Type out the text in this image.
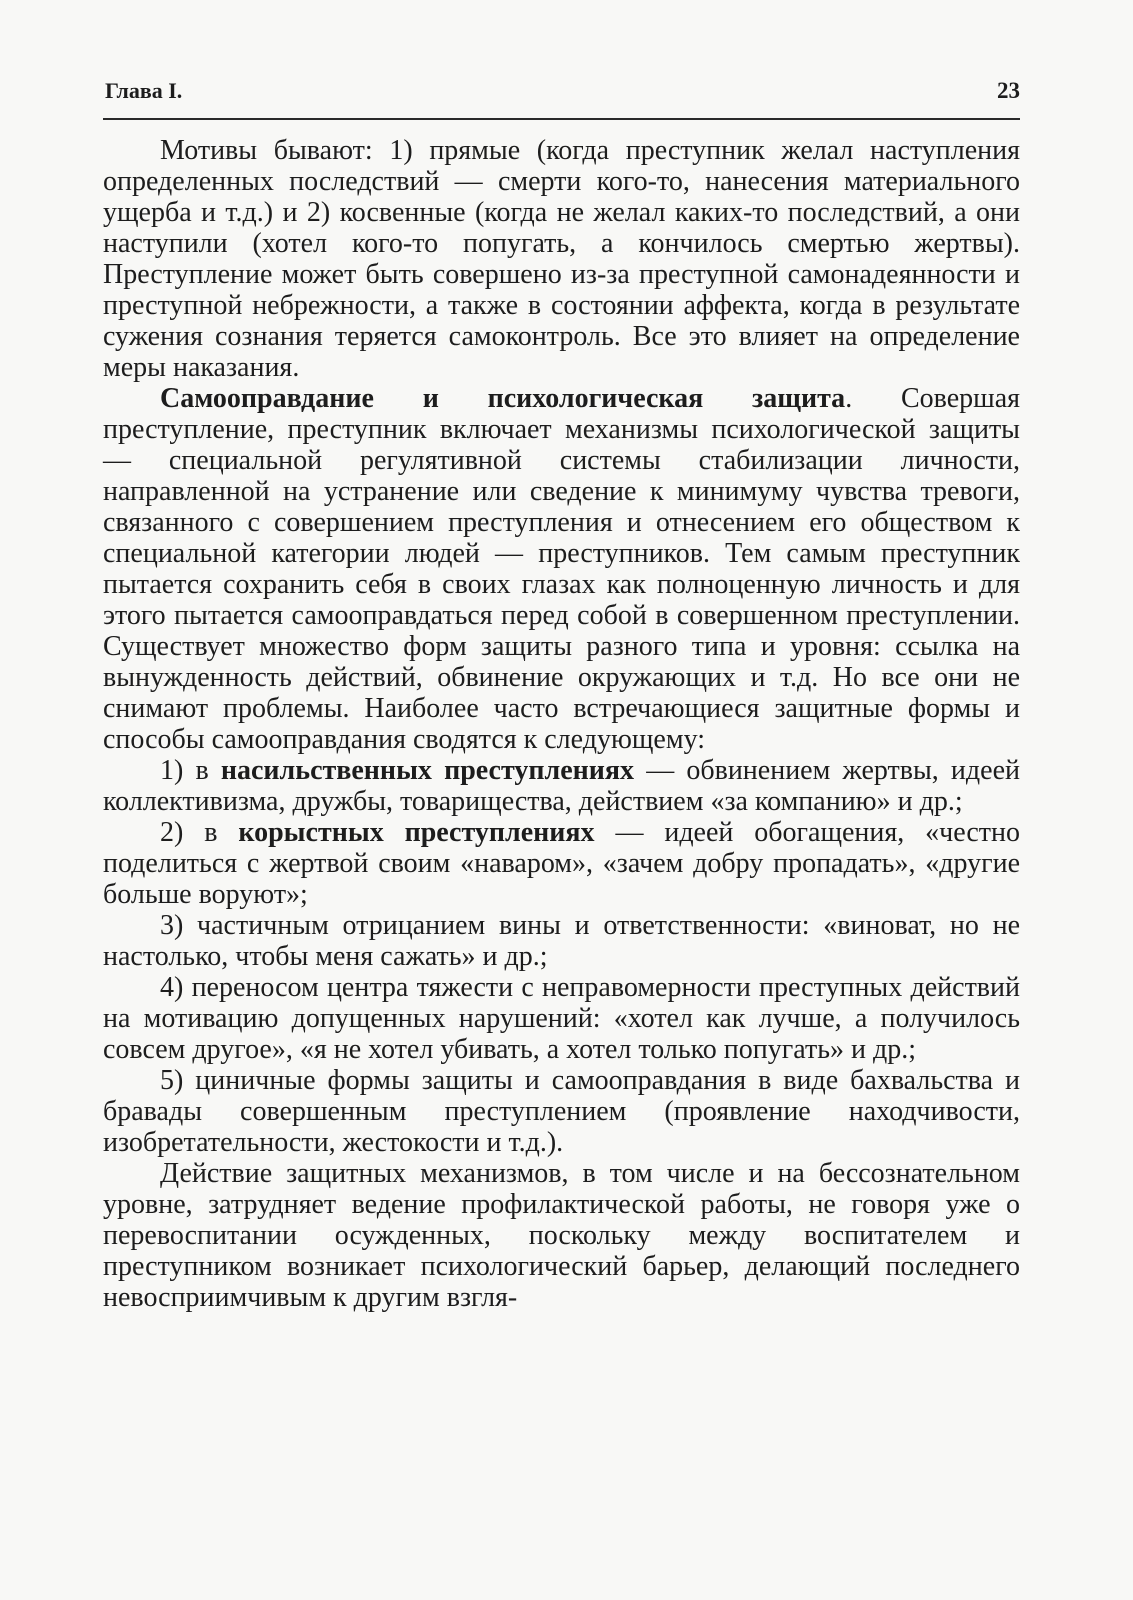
Глава I.	23

Мотивы бывают: 1) прямые (когда преступник желал наступления определенных последствий — смерти кого-то, нанесения материального ущерба и т.д.) и 2) косвенные (когда не желал каких-то последствий, а они наступили (хотел кого-то попугать, а кончилось смертью жертвы). Преступление может быть совершено из-за преступной самонадеянности и преступной небрежности, а также в состоянии аффекта, когда в результате сужения сознания теряется самоконтроль. Все это влияет на определение меры наказания.

Самооправдание и психологическая защита. Совершая преступление, преступник включает механизмы психологической защиты — специальной регулятивной системы стабилизации личности, направленной на устранение или сведение к минимуму чувства тревоги, связанного с совершением преступления и отнесением его обществом к специальной категории людей — преступников. Тем самым преступник пытается сохранить себя в своих глазах как полноценную личность и для этого пытается самооправдаться перед собой в совершенном преступлении. Существует множество форм защиты разного типа и уровня: ссылка на вынужденность действий, обвинение окружающих и т.д. Но все они не снимают проблемы. Наиболее часто встречающиеся защитные формы и способы самооправдания сводятся к следующему:

1) в насильственных преступлениях — обвинением жертвы, идеей коллективизма, дружбы, товарищества, действием «за компанию» и др.;

2) в корыстных преступлениях — идеей обогащения, «честно поделиться с жертвой своим «наваром», «зачем добру пропадать», «другие больше воруют»;

3) частичным отрицанием вины и ответственности: «виноват, но не настолько, чтобы меня сажать» и др.;

4) переносом центра тяжести с неправомерности преступных действий на мотивацию допущенных нарушений: «хотел как лучше, а получилось совсем другое», «я не хотел убивать, а хотел только попугать» и др.;

5) циничные формы защиты и самооправдания в виде бахвальства и бравады совершенным преступлением (проявление находчивости, изобретательности, жестокости и т.д.).

Действие защитных механизмов, в том числе и на бессознательном уровне, затрудняет ведение профилактической работы, не говоря уже о перевоспитании осужденных, поскольку между воспитателем и преступником возникает психологический барьер, делающий последнего невосприимчивым к другим взгля-
